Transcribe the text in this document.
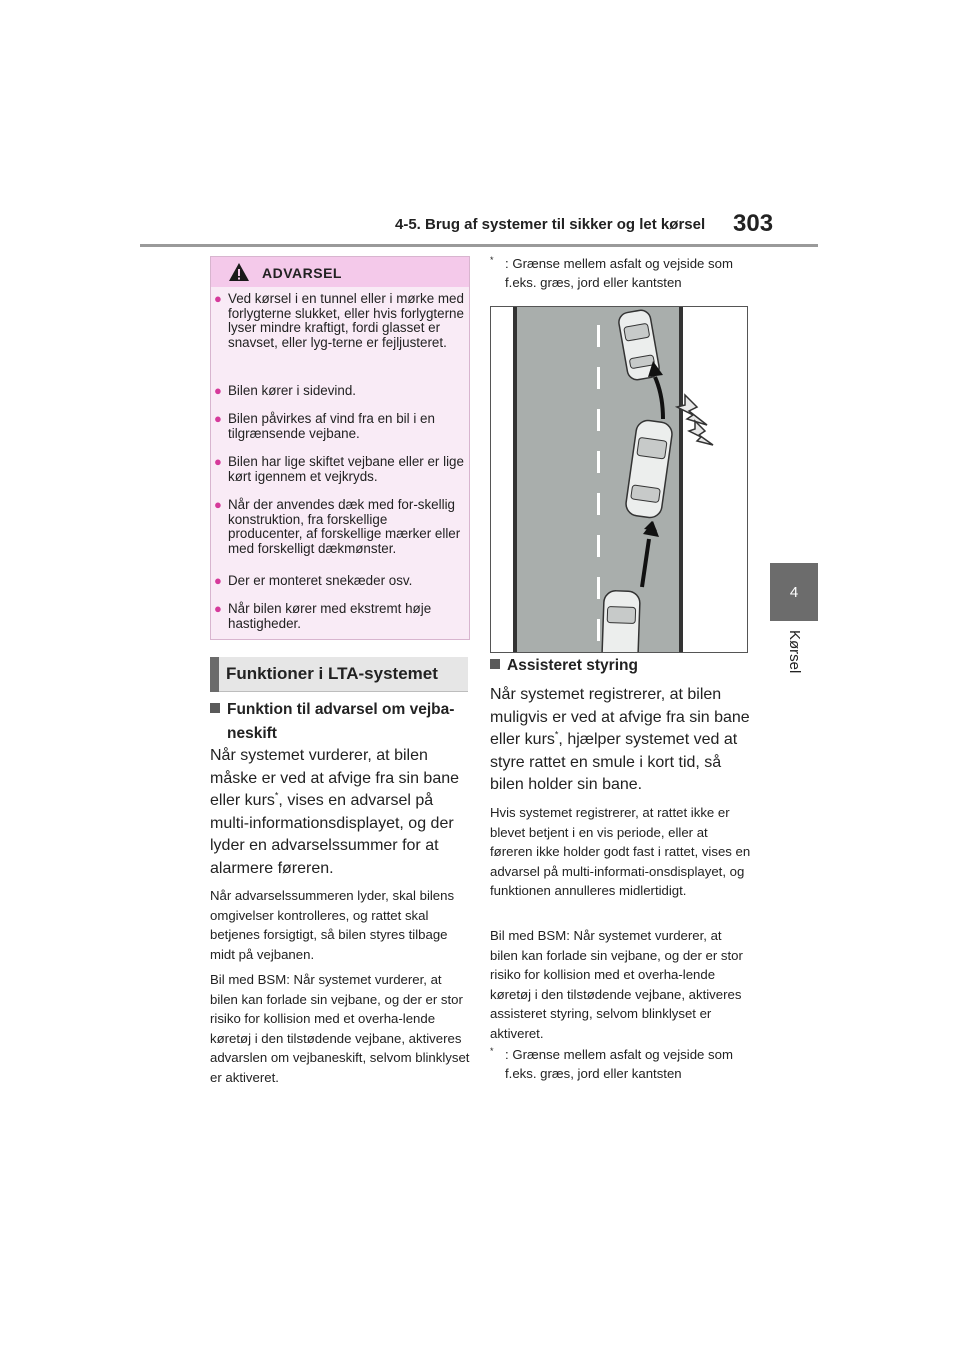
4-5. Brug af systemer til sikker og let kørsel 303
4
Kørsel
ADVARSEL
● Ved kørsel i en tunnel eller i mørke med forlygterne slukket, eller hvis forlygterne lyser mindre kraftigt, fordi glasset er snavset, eller lyg-terne er fejljusteret.
● Bilen kører i sidevind.
● Bilen påvirkes af vind fra en bil i en tilgrænsende vejbane.
● Bilen har lige skiftet vejbane eller er lige kørt igennem et vejkryds.
● Når der anvendes dæk med for-skellig konstruktion, fra forskellige producenter, af forskellige mærker eller med forskelligt dækmønster.
● Der er monteret snekæder osv.
● Når bilen kører med ekstremt høje hastigheder.
Funktioner i LTA-systemet
Funktion til advarsel om vejba-
neskift
Når systemet vurderer, at bilen måske er ved at afvige fra sin bane eller kurs*, vises en advarsel på multi-informationsdisplayet, og der lyder en advarselssummer for at alarmere føreren.
Når advarselssummeren lyder, skal bilens omgivelser kontrolleres, og rattet skal betjenes forsigtigt, så bilen styres tilbage midt på vejbanen.
Bil med BSM: Når systemet vurderer, at bilen kan forlade sin vejbane, og der er stor risiko for kollision med et overha-lende køretøj i den tilstødende vejbane, aktiveres advarslen om vejbaneskift, selvom blinklyset er aktiveret.
* : Grænse mellem asfalt og vejside som f.eks. græs, jord eller kantsten
Assisteret styring
Når systemet registrerer, at bilen muligvis er ved at afvige fra sin bane eller kurs*, hjælper systemet ved at styre rattet en smule i kort tid, så bilen holder sin bane.
Hvis systemet registrerer, at rattet ikke er blevet betjent i en vis periode, eller at føreren ikke holder godt fast i rattet, vises en advarsel på multi-informati-onsdisplayet, og funktionen annulleres midlertidigt.
Bil med BSM: Når systemet vurderer, at bilen kan forlade sin vejbane, og der er stor risiko for kollision med et overha-lende køretøj i den tilstødende vejbane, aktiveres assisteret styring, selvom blinklyset er aktiveret.
* : Grænse mellem asfalt og vejside som f.eks. græs, jord eller kantsten
